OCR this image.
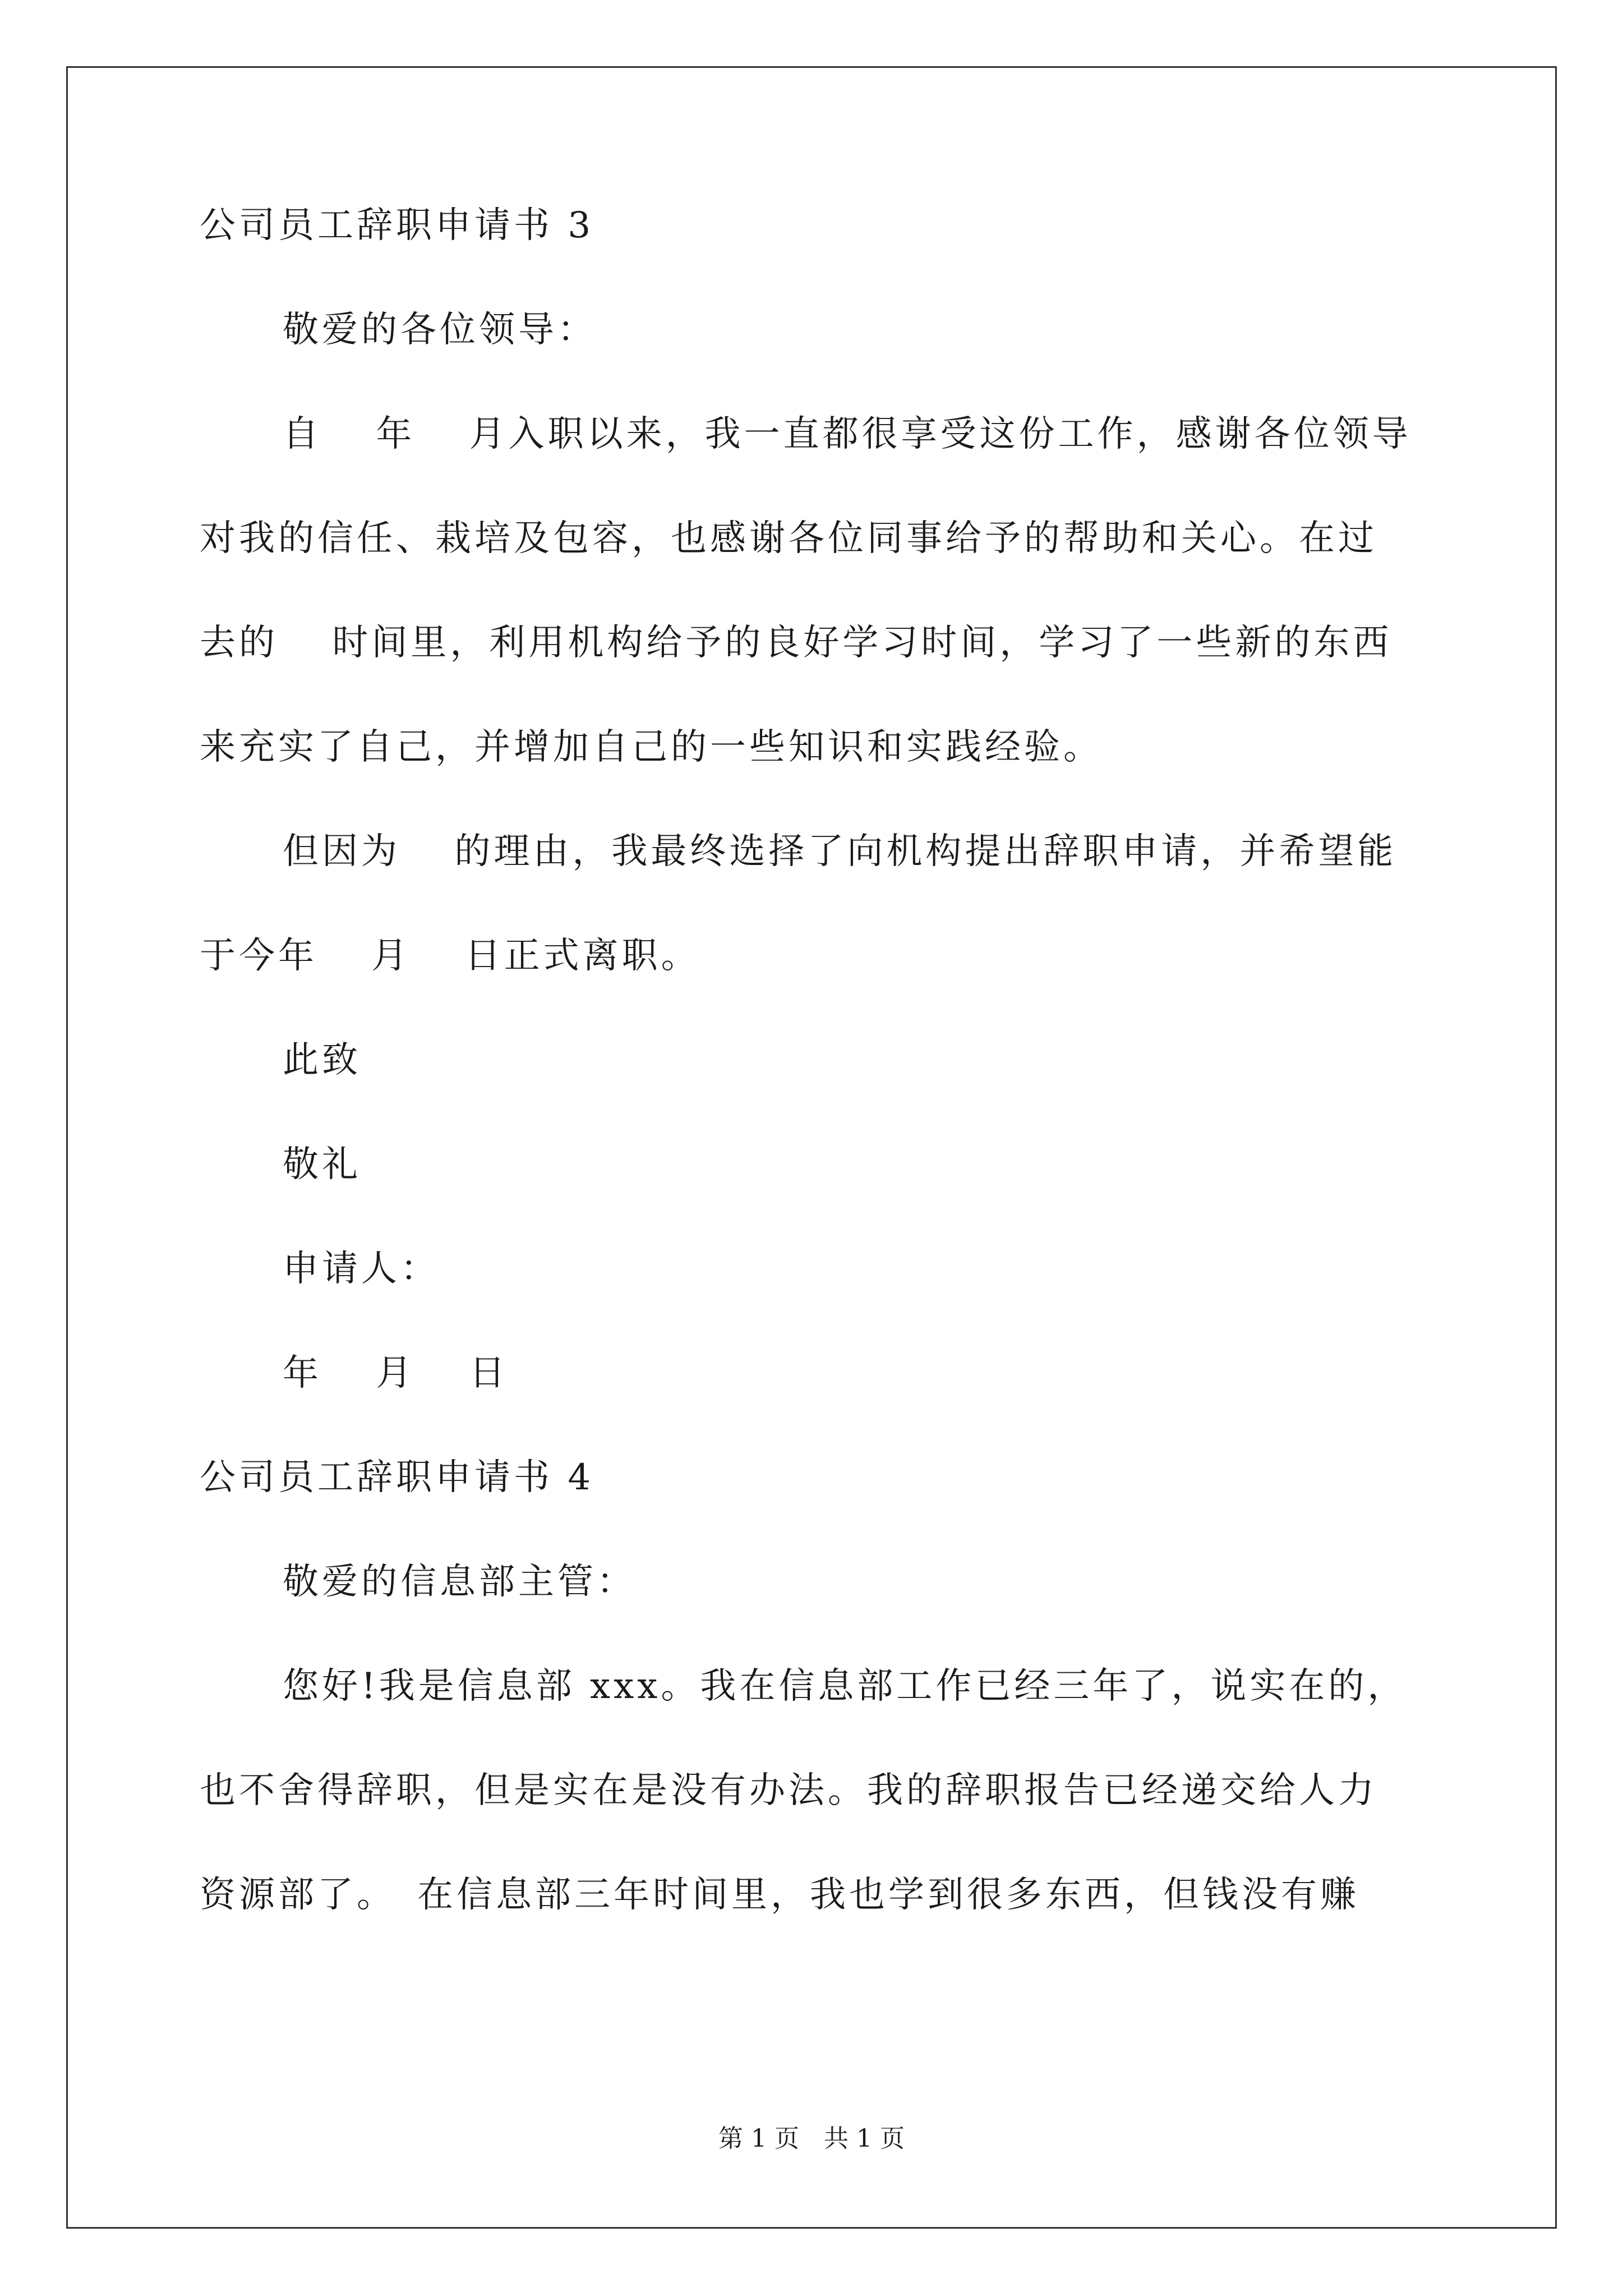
公司员工辞职申请书 3
敬爱的各位领导：
自　 年　 月入职以来，我一直都很享受这份工作，感谢各位领导
对我的信任、栽培及包容，也感谢各位同事给予的帮助和关心。在过
去的　 时间里，利用机构给予的良好学习时间，学习了一些新的东西
来充实了自己，并增加自己的一些知识和实践经验。
但因为　 的理由，我最终选择了向机构提出辞职申请，并希望能
于今年　 月　 日正式离职。
此致
敬礼
申请人：
年　 月　 日
公司员工辞职申请书 4
敬爱的信息部主管：
您好!我是信息部 xxx。我在信息部工作已经三年了，说实在的，
也不舍得辞职，但是实在是没有办法。我的辞职报告已经递交给人力
资源部了。　在信息部三年时间里，我也学到很多东西，但钱没有赚
第 1 页　共 1 页
